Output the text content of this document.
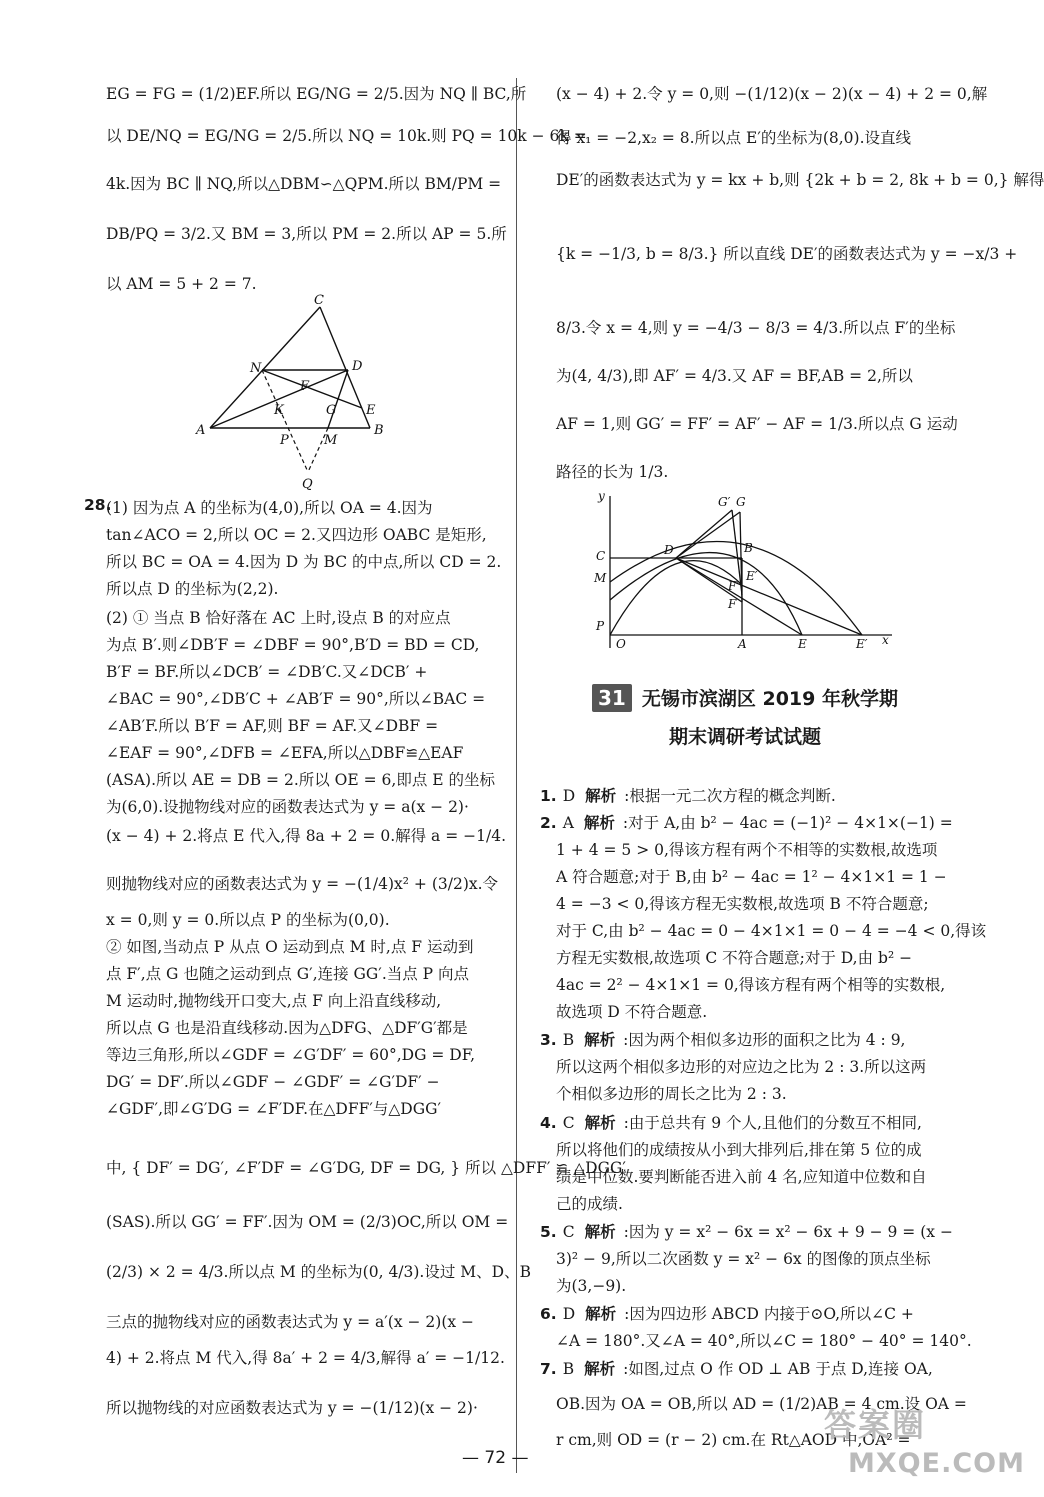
EG = FG = (1/2)EF.所以 EG/NG = 2/5.因为 NQ ∥ BC,所
以 DE/NQ = EG/NG = 2/5.所以 NQ = 10k.则 PQ = 10k − 6k =
4k.因为 BC ∥ NQ,所以△DBM∽△QPM.所以 BM/PM =
DB/PQ = 3/2.又 BM = 3,所以 PM = 2.所以 AP = 5.所
以 AM = 5 + 2 = 7.
C
N	D
F
K	G E
A
P	M
B
Q
28.
(1) 因为点 A 的坐标为(4,0),所以 OA = 4.因为
tan∠ACO = 2,所以 OC = 2.又四边形 OABC 是矩形,
所以 BC = OA = 4.因为 D 为 BC 的中点,所以 CD = 2.
所以点 D 的坐标为(2,2).
(2) ① 当点 B 恰好落在 AC 上时,设点 B 的对应点
为点 B′.则∠DB′F = ∠DBF = 90°,B′D = BD = CD,
B′F = BF.所以∠DCB′ = ∠DB′C.又∠DCB′ +
∠BAC = 90°,∠DB′C + ∠AB′F = 90°,所以∠BAC =
∠AB′F.所以 B′F = AF,则 BF = AF.又∠DBF =
∠EAF = 90°,∠DFB = ∠EFA,所以△DBF≌△EAF
(ASA).所以 AE = DB = 2.所以 OE = 6,即点 E 的坐标
为(6,0).设抛物线对应的函数表达式为 y = a(x − 2)·
(x − 4) + 2.将点 E 代入,得 8a + 2 = 0.解得 a = −1/4.
则抛物线对应的函数表达式为 y = −(1/4)x² + (3/2)x.令
x = 0,则 y = 0.所以点 P 的坐标为(0,0).
② 如图,当动点 P 从点 O 运动到点 M 时,点 F 运动到
点 F′,点 G 也随之运动到点 G′,连接 GG′.当点 P 向点
M 运动时,抛物线开口变大,点 F 向上沿直线移动,
所以点 G 也是沿直线移动.因为△DFG、△DF′G′都是
等边三角形,所以∠GDF = ∠G′DF′ = 60°,DG = DF,
DG′ = DF′.所以∠GDF − ∠GDF′ = ∠G′DF′ −
∠GDF′,即∠G′DG = ∠F′DF.在△DFF′与△DGG′
中, { DF′ = DG′, ∠F′DF = ∠G′DG, DF = DG, } 所以 △DFF′ ≌ △DGG′
(SAS).所以 GG′ = FF′.因为 OM = (2/3)OC,所以 OM =
(2/3) × 2 = 4/3.所以点 M 的坐标为(0, 4/3).设过 M、D、B
三点的抛物线对应的函数表达式为 y = a′(x − 2)(x −
4) + 2.将点 M 代入,得 8a′ + 2 = 4/3,解得 a′ = −1/12.
所以抛物线的对应函数表达式为 y = −(1/12)(x − 2)·
(x − 4) + 2.令 y = 0,则 −(1/12)(x − 2)(x − 4) + 2 = 0,解
得 x₁ = −2,x₂ = 8.所以点 E′的坐标为(8,0).设直线
DE′的函数表达式为 y = kx + b,则 {2k + b = 2, 8k + b = 0,} 解得
{k = −1/3, b = 8/3.} 所以直线 DE′的函数表达式为 y = −x/3 +
8/3.令 x = 4,则 y = −4/3 − 8/3 = 4/3.所以点 F′的坐标
为(4, 4/3),即 AF′ = 4/3.又 AF = BF,AB = 2,所以
AF = 1,则 GG′ = FF′ = AF′ − AF = 1/3.所以点 G 运动
路径的长为 1/3.
y	G′ G
C	D	B
E′
M
F′
F
P
O	A	E	E′ x
31 无锡市滨湖区 2019 年秋学期
期末调研考试试题
1. D 解析 :根据一元二次方程的概念判断.
2. A 解析 :对于 A,由 b² − 4ac = (−1)² − 4×1×(−1) =
1 + 4 = 5 > 0,得该方程有两个不相等的实数根,故选项
A 符合题意;对于 B,由 b² − 4ac = 1² − 4×1×1 = 1 −
4 = −3 < 0,得该方程无实数根,故选项 B 不符合题意;
对于 C,由 b² − 4ac = 0 − 4×1×1 = 0 − 4 = −4 < 0,得该
方程无实数根,故选项 C 不符合题意;对于 D,由 b² −
4ac = 2² − 4×1×1 = 0,得该方程有两个相等的实数根,
故选项 D 不符合题意.
3. B 解析 :因为两个相似多边形的面积之比为 4 : 9,
所以这两个相似多边形的对应边之比为 2 : 3.所以这两
个相似多边形的周长之比为 2 : 3.
4. C 解析 :由于总共有 9 个人,且他们的分数互不相同,
所以将他们的成绩按从小到大排列后,排在第 5 位的成
绩是中位数.要判断能否进入前 4 名,应知道中位数和自
己的成绩.
5. C 解析 :因为 y = x² − 6x = x² − 6x + 9 − 9 = (x −
3)² − 9,所以二次函数 y = x² − 6x 的图像的顶点坐标
为(3,−9).
6. D 解析 :因为四边形 ABCD 内接于⊙O,所以∠C +
∠A = 180°.又∠A = 40°,所以∠C = 180° − 40° = 140°.
7. B 解析 :如图,过点 O 作 OD ⊥ AB 于点 D,连接 OA,
OB.因为 OA = OB,所以 AD = (1/2)AB = 4 cm.设 OA =
r cm,则 OD = (r − 2) cm.在 Rt△AOD 中,OA² =
— 72 —
答案圈
MXQE.COM
